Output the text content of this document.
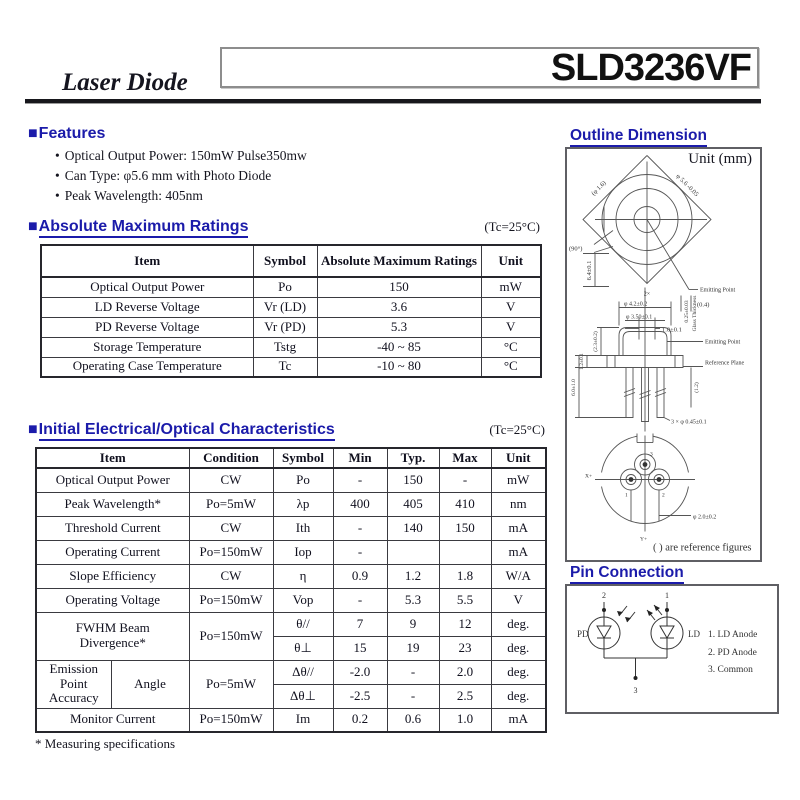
SLD3236VF
Laser Diode
■Features
• Optical Output Power: 150mW Pulse350mw
• Can Type: φ5.6 mm with Photo Diode
• Peak Wavelength: 405nm
■Absolute Maximum Ratings	(Tc=25°C)
Item	Symbol	Absolute Maximum Ratings	Unit
Optical Output Power	Po	150	mW
LD Reverse Voltage	Vr (LD)	3.6	V
PD Reverse Voltage	Vr (PD)	5.3	V
Storage Temperature	Tstg	-40 ~ 85	°C
Operating Case Temperature	Tc	-10 ~ 80	°C
■Initial Electrical/Optical Characteristics	(Tc=25°C)
Item		Condition	Symbol	Min	Typ.	Max	Unit
Optical Output Power		CW	Po	-	150	-	mW
Peak Wavelength*		Po=5mW	λp	400	405	410	nm
Threshold Current		CW	Ith	-	140	150	mA
Operating Current		Po=150mW	Iop	-			mA
Slope Efficiency		CW	η	0.9	1.2	1.8	W/A
Operating Voltage		Po=150mW	Vop	-	5.3	5.5	V
FWHM Beam Divergence*		Po=150mW	θ//	7	9	12	deg.
			θ⊥	15	19	23	deg.
Emission Point Accuracy	Angle	Po=5mW	Δθ//	-2.0	-	2.0	deg.
			Δθ⊥	-2.5	-	2.5	deg.
Monitor Current		Po=150mW	Im	0.2	0.6	1.0	mA
* Measuring specifications
Outline Dimension
Unit (mm)
(φ 1.6)	φ 5.6 -0.05
(90°)
Emitting Point
(0.4)
1.0±0.1
6.4±0.1
2×
φ 4.2±0.2
φ 3.50±0.1	0.25±0.03 Glass Thickness
Emitting Point
Reference Plane
(2.3±0.2)
1.2±0.1
6.0±1.0	(1.2)
3 × φ 0.45±0.1
3
1	2
X+
Y+
φ 2.0±0.2
( ) are reference figures
Pin Connection
2	1
3
PD	LD 1. LD Anode
2. PD Anode
3. Common
